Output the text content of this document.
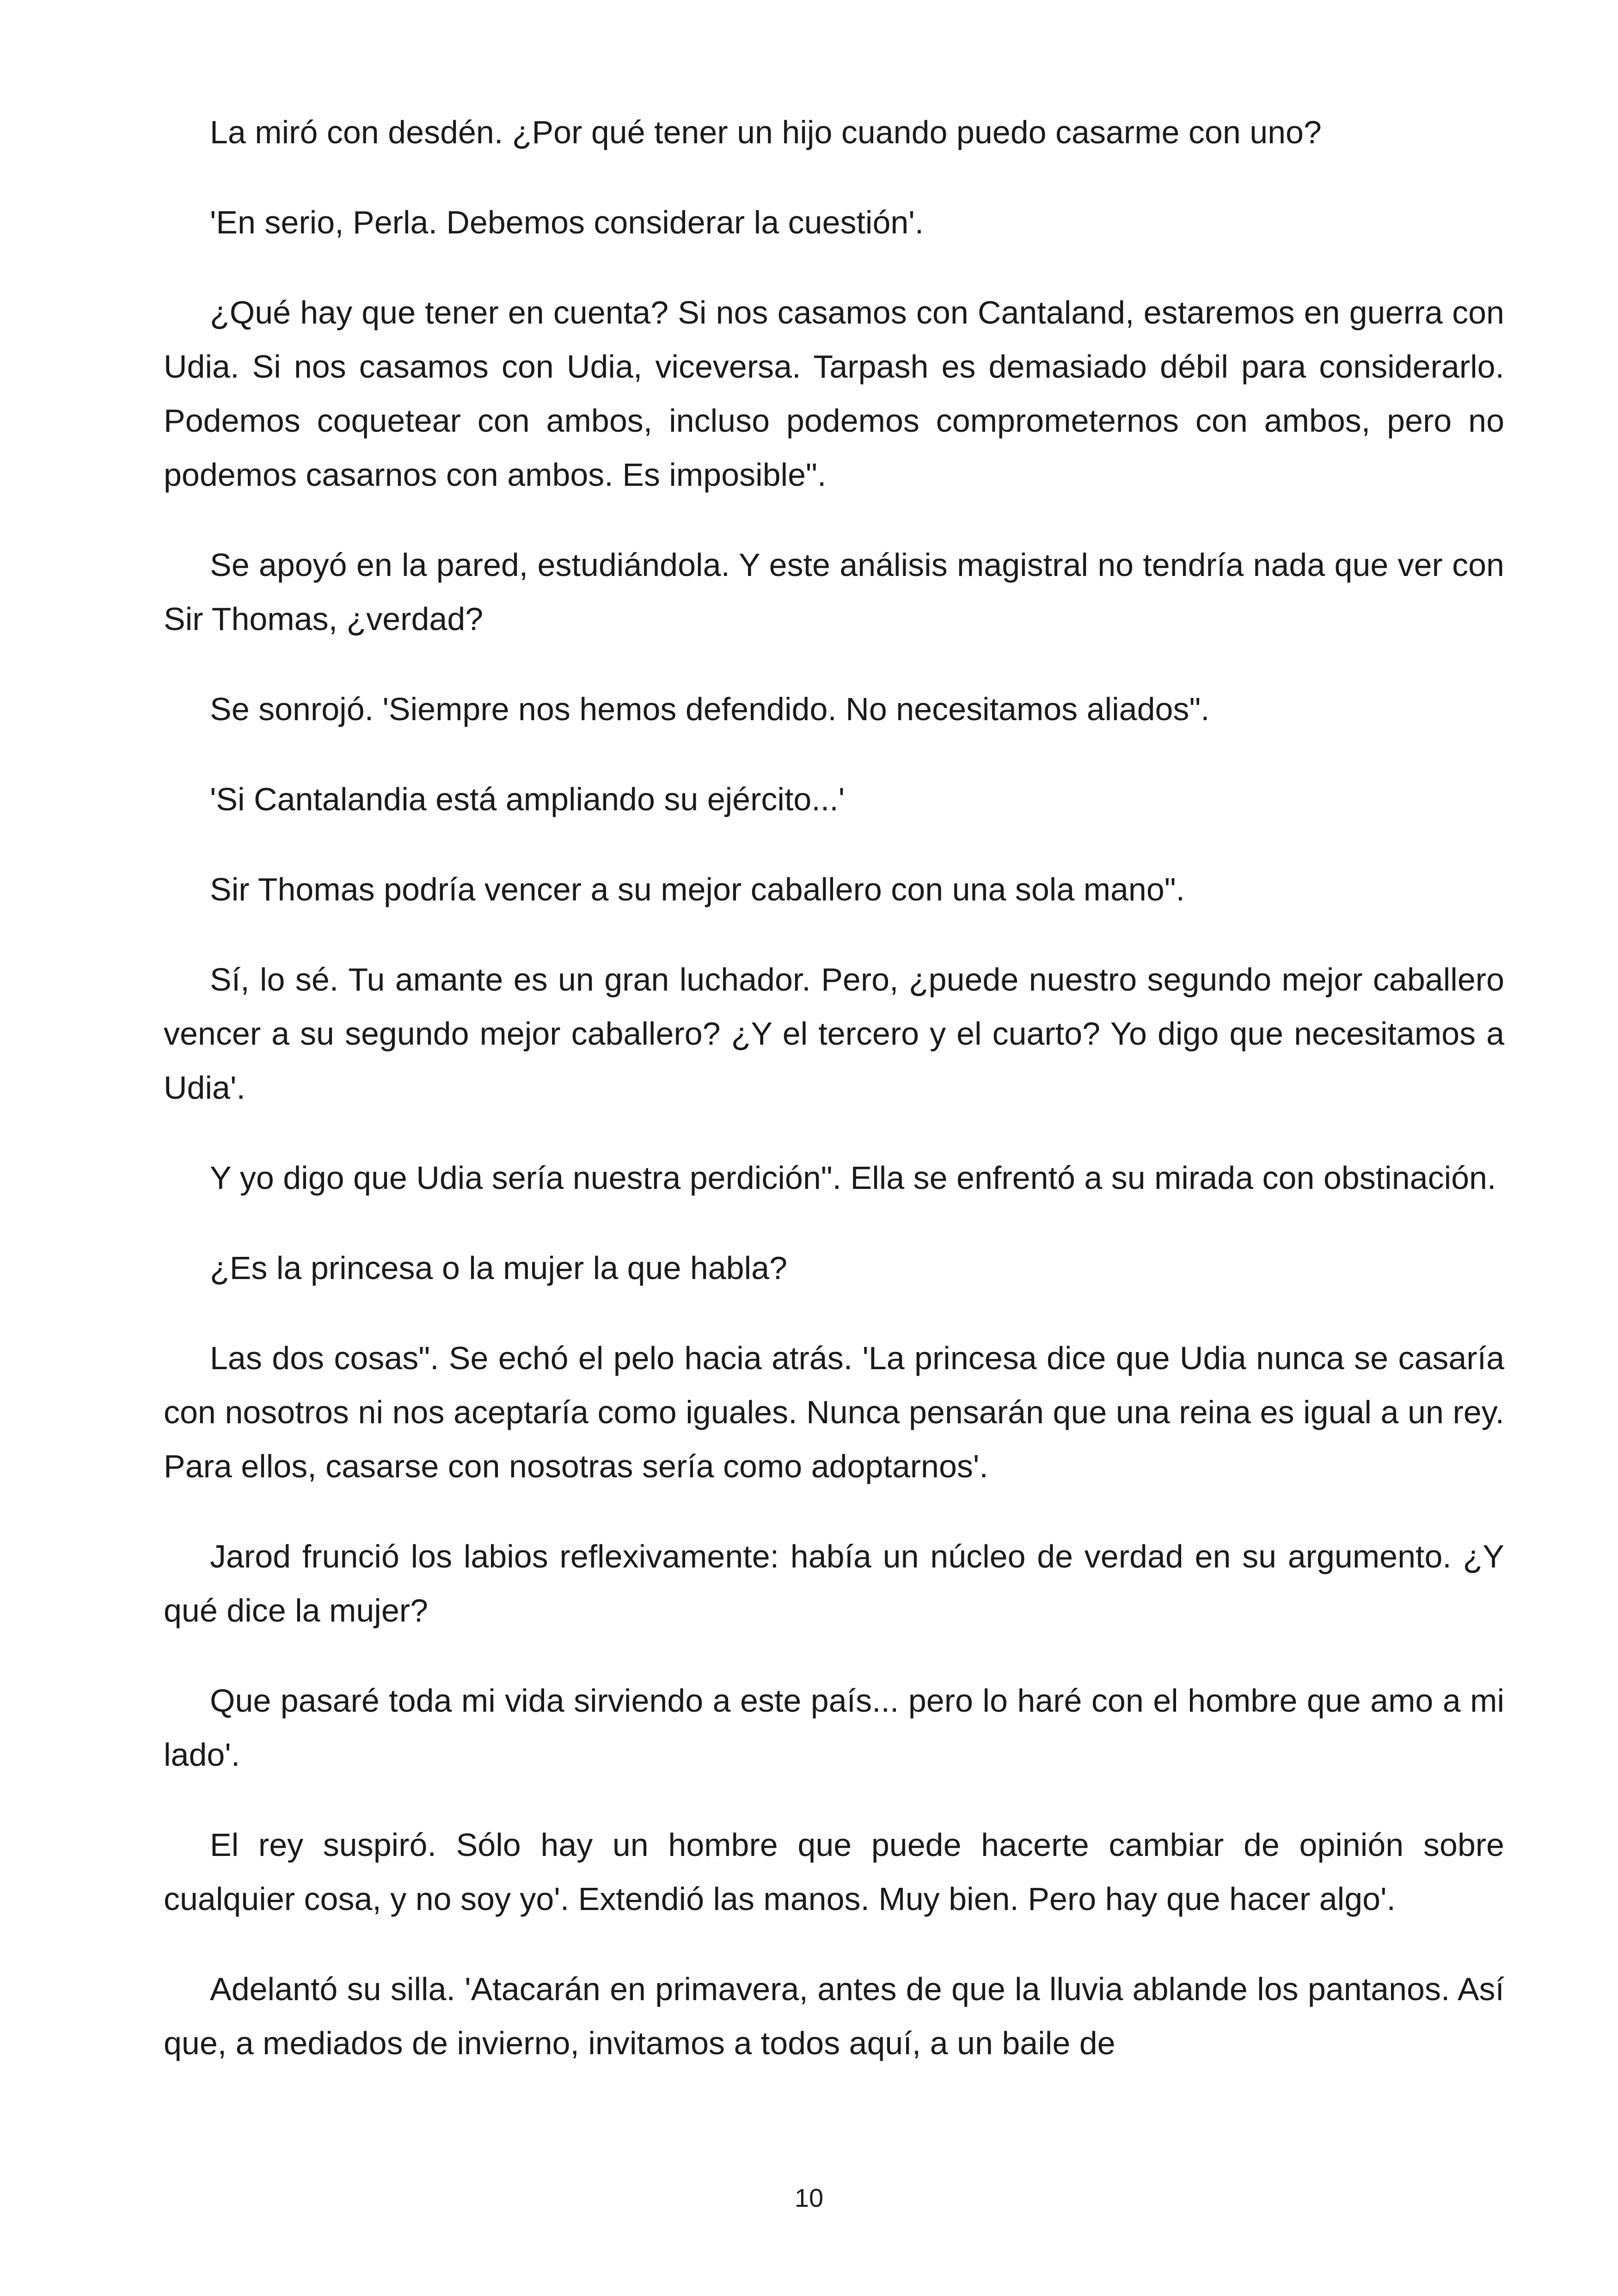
La miró con desdén. ¿Por qué tener un hijo cuando puedo casarme con uno?

'En serio, Perla. Debemos considerar la cuestión'.

¿Qué hay que tener en cuenta? Si nos casamos con Cantaland, estaremos en guerra con Udia. Si nos casamos con Udia, viceversa. Tarpash es demasiado débil para considerarlo. Podemos coquetear con ambos, incluso podemos comprometernos con ambos, pero no podemos casarnos con ambos. Es imposible".

Se apoyó en la pared, estudiándola. Y este análisis magistral no tendría nada que ver con Sir Thomas, ¿verdad?

Se sonrojó. 'Siempre nos hemos defendido. No necesitamos aliados".

'Si Cantalandia está ampliando su ejército...'

Sir Thomas podría vencer a su mejor caballero con una sola mano".

Sí, lo sé. Tu amante es un gran luchador. Pero, ¿puede nuestro segundo mejor caballero vencer a su segundo mejor caballero? ¿Y el tercero y el cuarto? Yo digo que necesitamos a Udia'.

Y yo digo que Udia sería nuestra perdición". Ella se enfrentó a su mirada con obstinación.

¿Es la princesa o la mujer la que habla?

Las dos cosas". Se echó el pelo hacia atrás. 'La princesa dice que Udia nunca se casaría con nosotros ni nos aceptaría como iguales. Nunca pensarán que una reina es igual a un rey. Para ellos, casarse con nosotras sería como adoptarnos'.

Jarod frunció los labios reflexivamente: había un núcleo de verdad en su argumento. ¿Y qué dice la mujer?

Que pasaré toda mi vida sirviendo a este país... pero lo haré con el hombre que amo a mi lado'.

El rey suspiró. Sólo hay un hombre que puede hacerte cambiar de opinión sobre cualquier cosa, y no soy yo'. Extendió las manos. Muy bien. Pero hay que hacer algo'.

Adelantó su silla. 'Atacarán en primavera, antes de que la lluvia ablande los pantanos. Así que, a mediados de invierno, invitamos a todos aquí, a un baile de

10
